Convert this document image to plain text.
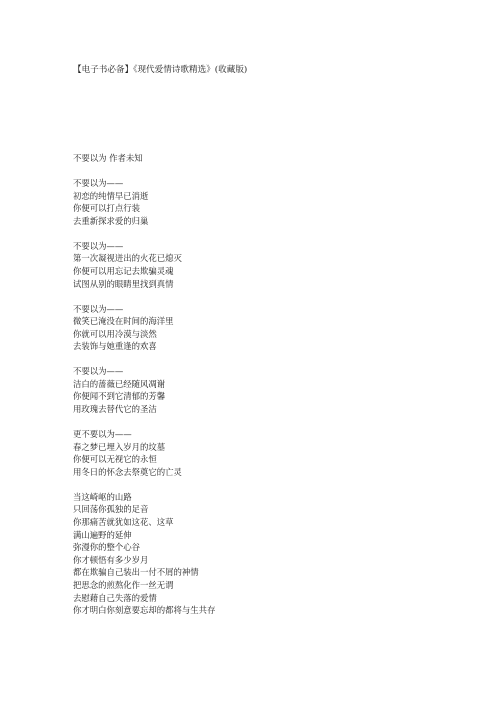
【电子书必备】《现代爱情诗歌精选》(收藏版)
不要以为 作者未知
不要以为——
初恋的纯情早已消逝
你便可以打点行装
去重新探求爱的归巢
不要以为——
第一次凝视迸出的火花已熄灭
你便可以用忘记去欺骗灵魂
试图从别的眼睛里找到真情
不要以为——
微笑已淹没在时间的海洋里
你就可以用冷漠与淡然
去装饰与她重逢的欢喜
不要以为——
洁白的蔷薇已经随风凋谢
你便闻不到它清郁的芳馨
用玫瑰去替代它的圣洁
更不要以为——
春之梦已埋入岁月的坟墓
你便可以无视它的永恒
用冬日的怀念去祭奠它的亡灵
当这崎岖的山路
只回荡你孤独的足音
你那痛苦就犹如这花、这草
满山遍野的延伸
弥漫你的整个心谷
你才顿悟有多少岁月
都在欺骗自己装出一付不屑的神情
把思念的煎熬化作一丝无谓
去慰藉自己失落的爱情
你才明白你刻意要忘却的都将与生共存
